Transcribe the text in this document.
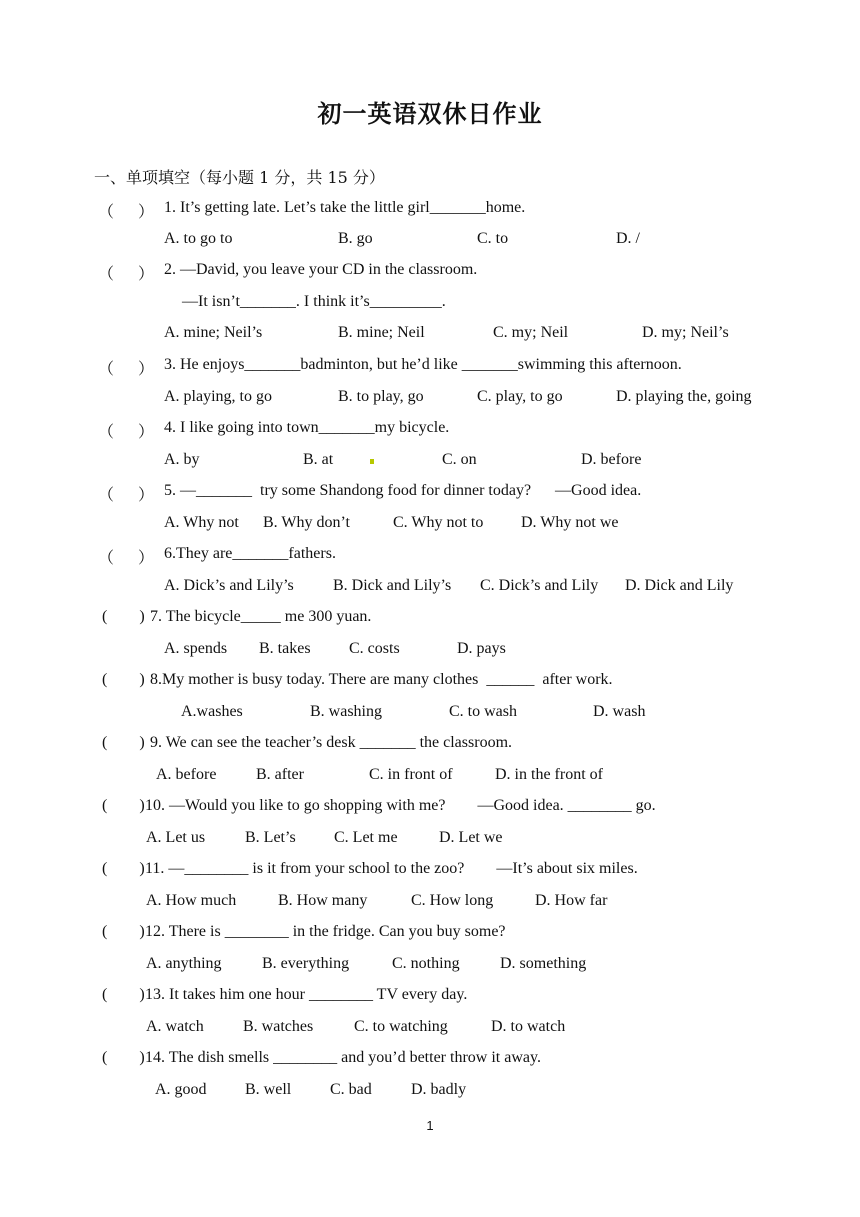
初一英语双休日作业
一、单项填空（每小题 1 分，共 15 分）
（      ） 1. It’s getting late. Let’s take the little girl_______home.
A. to go to	B. go	C. to	D. /
（      ） 2. —David, you leave your CD in the classroom.
—It isn’t_______. I think it’s_________.
A. mine; Neil’s	B. mine; Neil	C. my; Neil	D. my; Neil’s
（      ） 3. He enjoys_______badminton, but he’d like _______swimming this afternoon.
A. playing, to go	B. to play, go	C. play, to go	D. playing the, going
（      ） 4. I like going into town_______my bicycle.
A. by	B. at	C. on	D. before
（      ） 5. —_______  try some Shandong food for dinner today?      —Good idea.
A. Why not B. Why don’t	C. Why not to D. Why not we
（      ） 6.They are_______fathers.
A. Dick’s and Lily’s B. Dick and Lily’s C. Dick’s and Lily D. Dick and Lily
(        ) 7. The bicycle_____ me 300 yuan.
A. spends B. takes C. costs	D. pays
(        ) 8.My mother is busy today. There are many clothes  ______  after work.
A.washes	B. washing	C. to wash	D. wash
(        ) 9. We can see the teacher’s desk _______ the classroom.
A. before B. after	C. in front of	D. in the front of
(        ) 10. —Would you like to go shopping with me?        —Good idea. ________ go.
A. Let us B. Let’s C. Let me	D. Let we
(        ) 11. —________ is it from your school to the zoo?        —It’s about six miles.
A. How much	B. How many	C. How long	D. How far
(        ) 12. There is ________ in the fridge. Can you buy some?
A. anything	B. everything	C. nothing	D. something
(        ) 13. It takes him one hour ________ TV every day.
A. watch B. watches	C. to watching	D. to watch
(        ) 14. The dish smells ________ and you’d better throw it away.
A. good B. well C. bad D. badly
1
